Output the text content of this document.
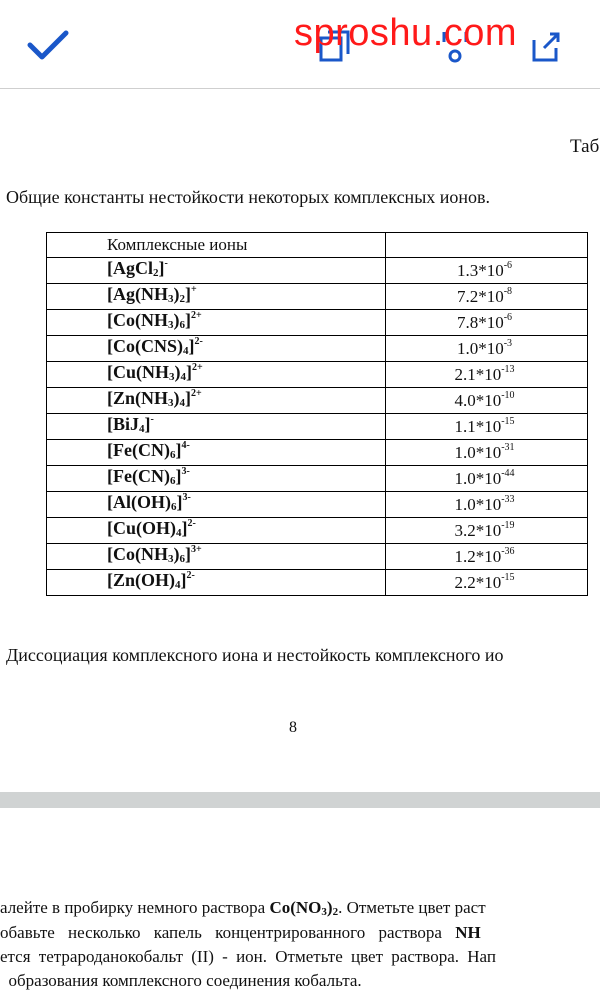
sproshu.com
Таб
Общие константы нестойкости некоторых комплексных ионов.
Комплексные ионы	
[AgCl$_2$]-	$1.3*10^{-6}$
$[Ag(NH_3)_2]^+$	$7.2*10^{-8}$
$[Co(NH_3)_6]^{2+}$	$7.8*10^{-6}$
$[Co(CNS)_4]^{2-}$	$1.0*10^{-3}$
$[Cu(NH_3)_4]^{2+}$	$2.1*10^{-13}$
$[Zn(NH_3)_4]^{2+}$	$4.0*10^{-10}$
[BiJ$_4$]-	$1.1*10^{-15}$
$[Fe(CN)_6]^{4-}$	$1.0*10^{-31}$
$[Fe(CN)_6]^{3-}$	$1.0*10^{-44}$
$[Al(OH)_6]^{3-}$	$1.0*10^{-33}$
$[Cu(OH)_4]^{2-}$	$3.2*10^{-19}$
$[Co(NH_3)_6]^{3+}$	$1.2*10^{-36}$
$[Zn(OH)_4]^{2-}$	$2.2*10^{-15}$
Диссоциация комплексного иона и нестойкость комплексного ио
8
алейте в пробирку немного раствора $Co(NO_3)_2$. Отметьте цвет раст
обавьте несколько капель концентрированного раствора NH
ется тетрароданокобальт (II) - ион. Отметьте цвет раствора. Нап
образования комплексного соединения кобальта.
